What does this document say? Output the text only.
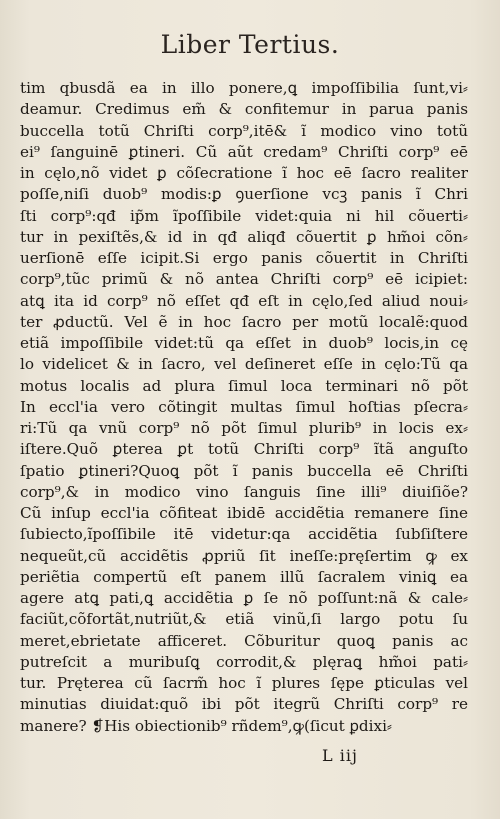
Liber Tertius.
tim qbusdã ea in illo ponere,ꝗ impoſſibilia ſunt,vi⸗
deamur. Credimus em̃ & confitemur in parua panis
buccella totũ Chriſti corp⁹,itē& ĩ modico vino totũ
ei⁹ ſanguinē ꝑtineri. Cũ aũt credam⁹ Chriſti corp⁹ eē
in cęlo,nõ videt ꝑ cõſecratione ĩ hoc eē ſacro realiter
poſſe,niſi duob⁹ modis:ꝑ ꝯuerſione vcꝫ panis ĩ Chri
ſti corp⁹:qđ ip̃m ĩpoſſibile videt:quia ni hil cõuerti⸗
tur in pexiſtẽs,& id in qđ aliqđ cõuertit ꝑ hm̃oi cõn⸗
uerſionē eſſe icipit.Si ergo panis cõuertit in Chriſti
corp⁹,tũc primũ & nõ antea Chriſti corp⁹ eē icipiet:
atꝗ ita id corp⁹ nõ eſſet qđ eſt in cęlo,ſed aliud noui⸗
ter ꝓductũ. Vel ẽ in hoc ſacro per motũ localẽ:quod
etiã impoſſibile videt:tũ qa eſſet in duob⁹ locis,in cę
lo videlicet & in ſacro, vel deſineret eſſe in cęlo:Tũ qa
motus localis ad plura ſimul loca terminari nõ põt
In eccl'ia vero cõtingit multas ſimul hoſtias pſecra⸗
ri:Tũ qa vnũ corp⁹ nõ põt ſimul plurib⁹ in locis ex⸗
iſtere.Quõ ꝑterea ꝑt totũ Chriſti corp⁹ ĩtã anguſto
ſpatio ꝑtineri?Quoꝗ põt ĩ panis buccella eē Chriſti
corp⁹,& in modico vino ſanguis ſine illi⁹ diuiſiõe?
Cũ inſup eccl'ia cõfiteat ibidē accidẽtia remanere ſine
ſubiecto,ĩpoſſibile itē videtur:qa accidẽtia ſubſiſtere
nequeũt,cũ accidẽtis ꝓpriũ ſit ineſſe:pręſertim ꝙ ex
periẽtia compertũ eſt panem illũ ſacralem viniꝗ ea
agere atꝗ pati,ꝗ accidẽtia ꝑ ſe nõ poſſunt:nã & cale⸗
faciũt,cõfortãt,nutriũt,& etiã vinũ,ſi largo potu ſu
meret,ebrietate afficeret. Cõburitur quoꝗ panis ac
putreſcit a muribuſꝗ corrodit,& plęraꝗ hm̃oi pati⸗
tur. Pręterea cũ ſacrm̃ hoc ĩ plures ſępe ꝑticulas vel
minutias diuidat:quõ ibi põt itegrũ Chriſti corp⁹ re
manere? ❡His obiectionib⁹ rñdem⁹,ꝙ(ſicut ꝑdixi⸗
L iij
